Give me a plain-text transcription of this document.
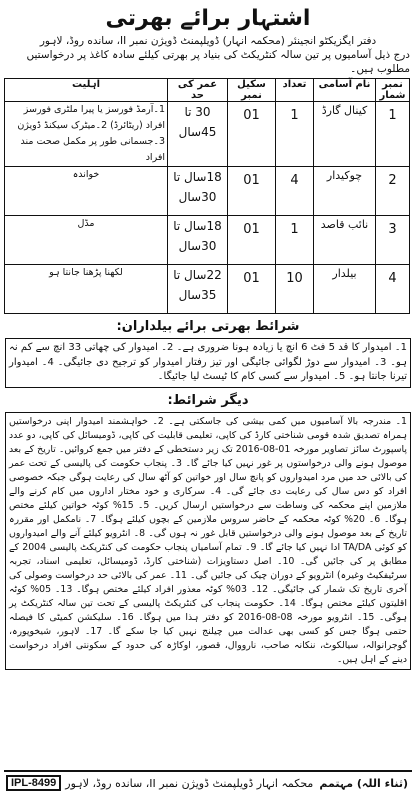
اشتہار برائے بھرتی
دفتر ایگزیکٹو انجینئر (محکمہ انہار) ڈویلپمنٹ ڈویژن نمبر II، سانده روڈ، لاہور
درج ذیل آسامیوں پر تین سالہ کنٹریکٹ کی بنیاد پر بھرتی کیلئے سادہ کاغذ پر درخواستیں مطلوب ہیں۔
نمبر شمار	نام آسامی	تعداد	سکیل نمبر	عمر کی حد	اہلیت
1	کینال گارڈ	1	01	30 تا 45سال	1۔آرمڈ فورسز یا پیرا ملٹری فورسز افراد (ریٹائرڈ) 2۔میٹرک سیکنڈ ڈویژن 3۔جسمانی طور پر مکمل صحت مند افراد
2	چوکیدار	4	01	18سال تا 30سال	خواندہ
3	نائب قاصد	1	01	18سال تا 30سال	مڈل
4	بیلدار	10	01	22سال تا 35سال	لکھنا پڑھنا جانتا ہو
شرائط بھرتی برائے بیلداران:
1۔ امیدوار کا قد 5 فٹ 6 انچ یا زیادہ ہونا ضروری ہے۔ 2۔ امیدوار کی چھاتی 33 انچ سے کم نہ ہو۔ 3۔ امیدوار سے دوڑ لگوائی جائیگی اور تیز رفتار امیدوار کو ترجیح دی جائیگی۔ 4۔ امیدوار تیرنا جانتا ہو۔ 5۔ امیدوار سے کسی کام کا ٹیسٹ لیا جائیگا۔
دیگر شرائط:
1۔ مندرجہ بالا آسامیوں میں کمی بیشی کی جاسکتی ہے۔ 2۔ خواہشمند امیدوار اپنی درخواستیں ہمراہ تصدیق شدہ قومی شناختی کارڈ کی کاپی، تعلیمی قابلیت کی کاپی، ڈومیسائل کی کاپی، دو عدد پاسپورٹ سائز تصاویر مورخہ 01-08-2016 تک زیر دستخطی کے دفتر میں جمع کروائیں۔ تاریخ کے بعد موصول ہونے والی درخواستوں پر غور نہیں کیا جائے گا۔ 3۔ پنجاب حکومت کی پالیسی کے تحت عمر کی بالائی حد میں مرد امیدواروں کو پانچ سال اور خواتین کو آٹھ سال کی رعایت ہوگی جبکہ خصوصی افراد کو دس سال کی رعایت دی جائے گی۔ 4۔ سرکاری و خود مختار اداروں میں کام کرنے والے ملازمین اپنے محکمہ کی وساطت سے درخواستیں ارسال کریں۔ 5۔ 15% کوٹہ خواتین کیلئے مختص ہوگا۔ 6۔ 20% کوٹہ محکمہ کے حاضر سروس ملازمین کے بچوں کیلئے ہوگا۔ 7۔ نامکمل اور مقررہ تاریخ کے بعد موصول ہونے والی درخواستیں قابل غور نہ ہوں گی۔ 8۔ انٹرویو کیلئے آنے والے امیدواروں کو کوئی TA/DA ادا نہیں کیا جائے گا۔ 9۔ تمام آسامیاں پنجاب حکومت کی کنٹریکٹ پالیسی 2004 کے مطابق پر کی جائیں گی۔ 10۔ اصل دستاویزات (شناختی کارڈ، ڈومیسائل، تعلیمی اسناد، تجربہ سرٹیفکیٹ وغیرہ) انٹرویو کے دوران چیک کی جائیں گی۔ 11۔ عمر کی بالائی حد درخواست وصولی کی آخری تاریخ تک شمار کی جائیگی۔ 12۔ 03% کوٹہ معذور افراد کیلئے مختص ہوگا۔ 13۔ 05% کوٹہ اقلیتوں کیلئے مختص ہوگا۔ 14۔ حکومت پنجاب کی کنٹریکٹ پالیسی کے تحت تین سالہ کنٹریکٹ پر ہوگی۔ 15۔ انٹرویو مورخہ 08-08-2016 کو دفتر ہذا میں ہوگا۔ 16۔ سلیکشن کمیٹی کا فیصلہ حتمی ہوگا جس کو کسی بھی عدالت میں چیلنج نہیں کیا جا سکے گا۔ 17۔ لاہور، شیخوپورہ، گوجرانوالہ، سیالکوٹ، ننکانہ صاحب، نارووال، قصور، اوکاڑہ کی حدود کے سکونتی افراد درخواست دینے کے اہل ہیں۔
(ثناء اللہ) مہتمم
محکمہ انہار ڈویلپمنٹ ڈویژن نمبر II، سانده روڈ، لاہور
IPL-8499
